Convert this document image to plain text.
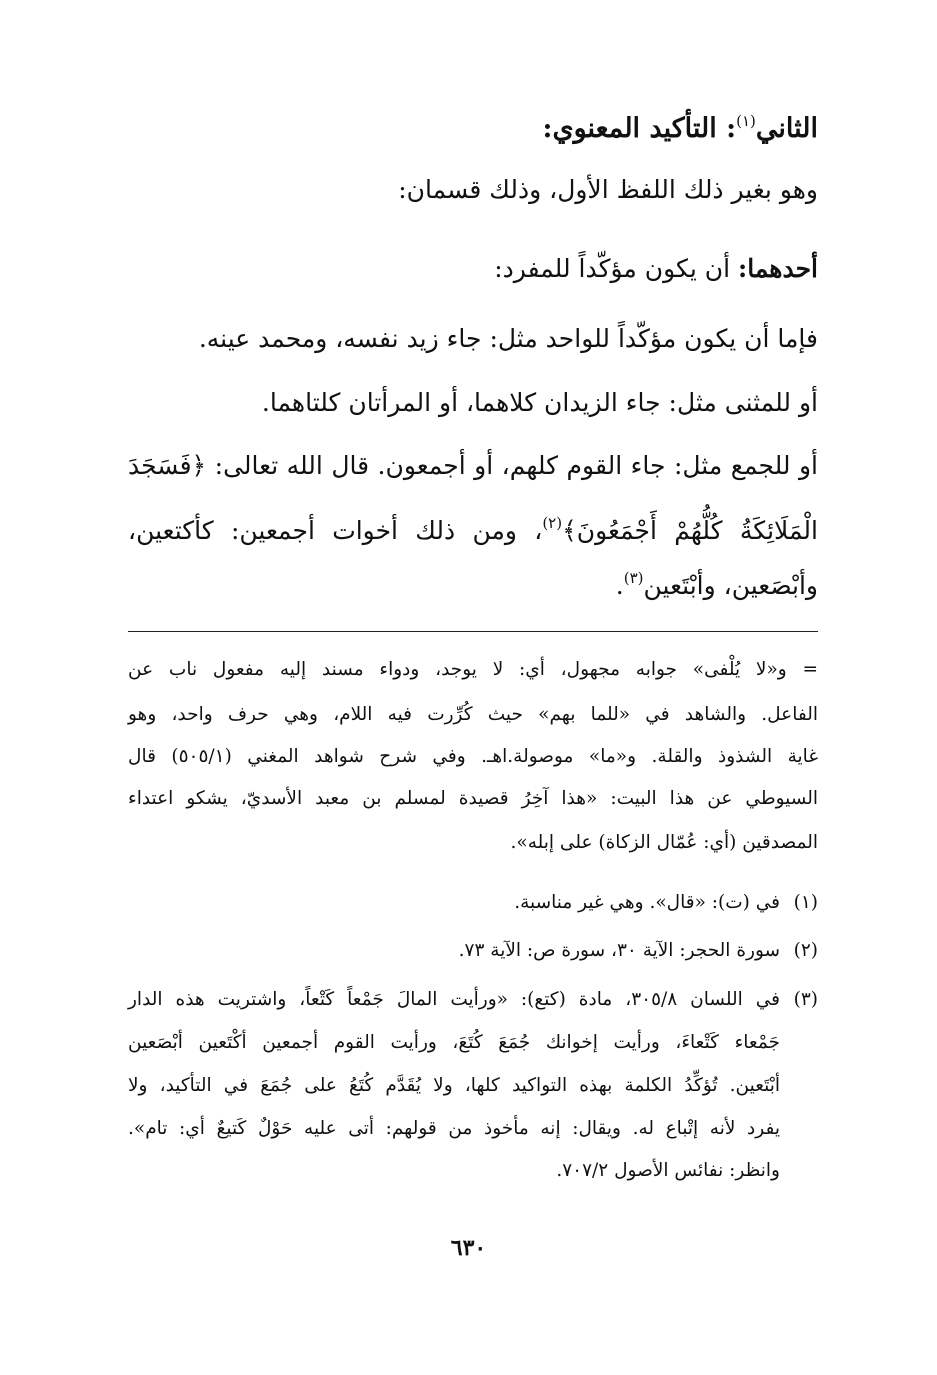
الثاني$^{(١)}$: التأكيد المعنوي:
وهو بغير ذلك اللفظ الأول، وذلك قسمان:
أحدهما: أن يكون مؤكّداً للمفرد:
فإما أن يكون مؤكّداً للواحد مثل: جاء زيد نفسه، ومحمد عينه.
أو للمثنى مثل: جاء الزيدان كلاهما، أو المرأتان كلتاهما.
أو للجمع مثل: جاء القوم كلهم، أو أجمعون. قال الله تعالى: ﴿فَسَجَدَ
الْمَلَائِكَةُ كُلُّهُمْ أَجْمَعُونَ﴾$^{(٢)}$، ومن ذلك أخوات أجمعين: كأكتعين،
وأبْصَعين، وأبْتَعين$^{(٣)}$.
= و«لا يُلْفى» جوابه مجهول، أي: لا يوجد، ودواء مسند إليه مفعول ناب عن
الفاعل. والشاهد في «للما بهم» حيث كُرِّرت فيه اللام، وهي حرف واحد، وهو
غاية الشذوذ والقلة. و«ما» موصولة.اهـ. وفي شرح شواهد المغني (٥٠٥/١) قال
السيوطي عن هذا البيت: «هذا آخِرُ قصيدة لمسلم بن معبد الأسديّ، يشكو اعتداء
المصدقين (أي: عُمّال الزكاة) على إبله».
(١)في (ت): «قال». وهي غير مناسبة.
(٢)سورة الحجر: الآية ٣٠، سورة ص: الآية ٧٣.
(٣)في اللسان ٣٠٥/٨، مادة (كتع): «ورأيت المالَ جَمْعاً كَتْعاً، واشتريت هذه الدار
جَمْعاء كَتْعاءَ، ورأيت إخوانك جُمَعَ كُتَعَ، ورأيت القوم أجمعين أكْتَعين أبْصَعين
أبْتَعين. تُؤكِّدُ الكلمة بهذه التواكيد كلها، ولا يُقَدَّم كُتَعُ على جُمَعَ في التأكيد، ولا
يفرد لأنه إتْباع له. ويقال: إنه مأخوذ من قولهم: أتى عليه حَوْلٌ كَتيعٌ أي: تام».
وانظر: نفائس الأصول ٧٠٧/٢.
٦٣٠
